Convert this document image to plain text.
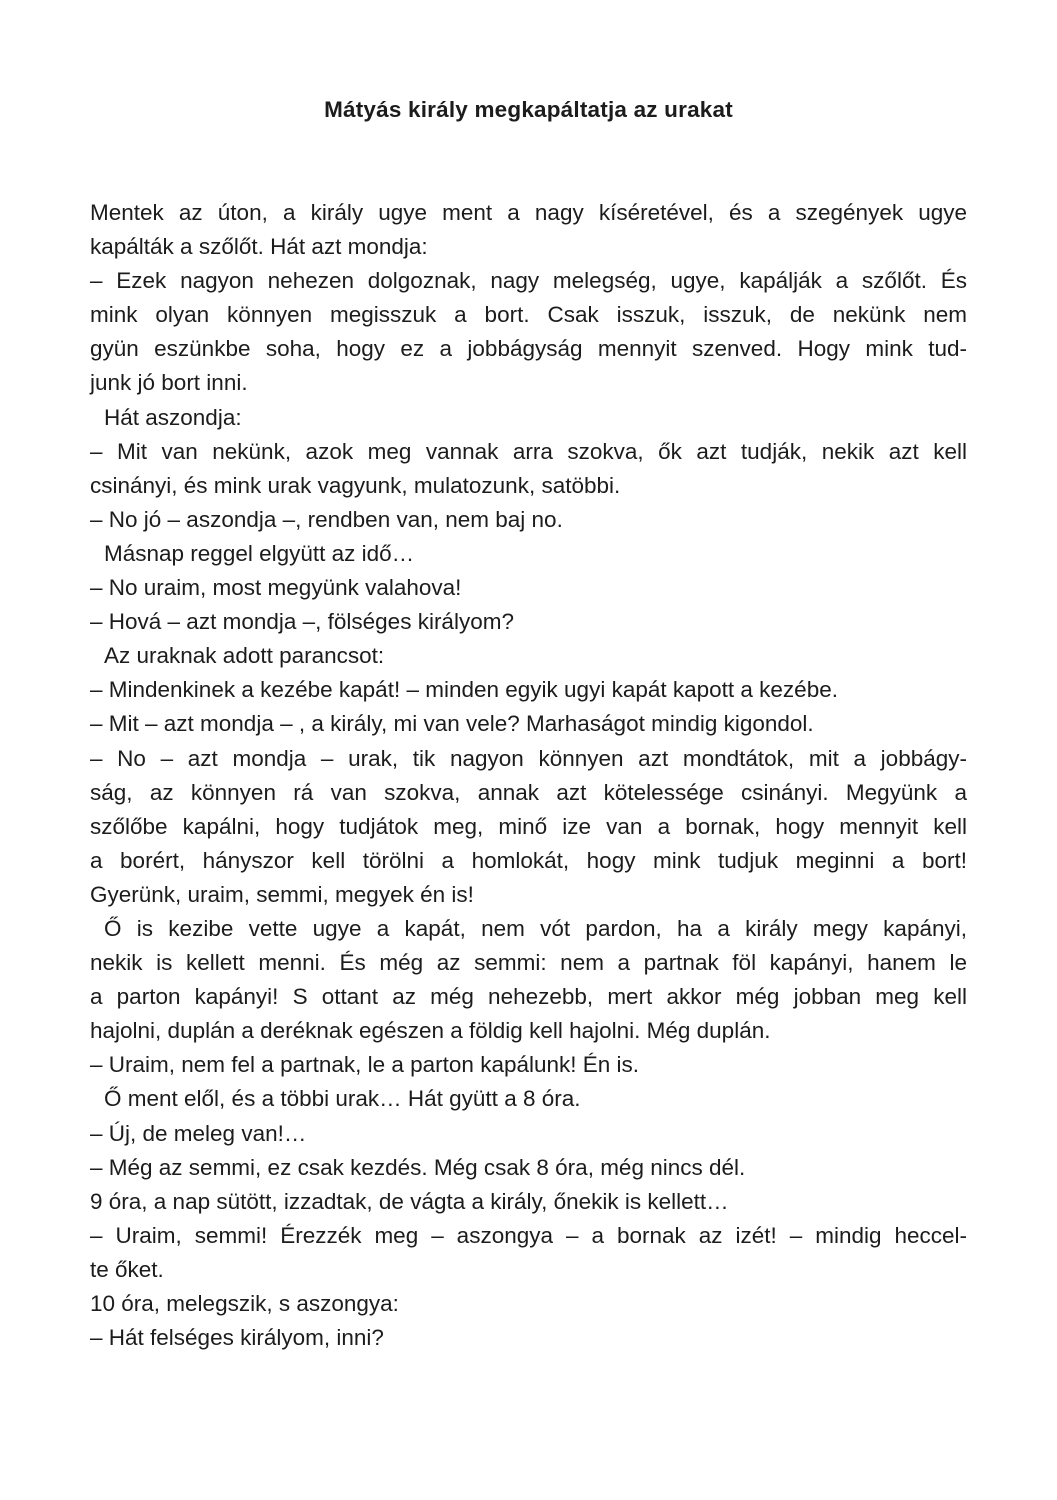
Mátyás király megkapáltatja az urakat
Mentek az úton, a király ugye ment a nagy kíséretével, és a szegények ugye
kapálták a szőlőt. Hát azt mondja:
– Ezek nagyon nehezen dolgoznak, nagy melegség, ugye, kapálják a szőlőt. És
mink olyan könnyen megisszuk a bort. Csak isszuk, isszuk, de nekünk nem
gyün eszünkbe soha, hogy ez a jobbágyság mennyit szenved. Hogy mink tud-
junk jó bort inni.
Hát aszondja:
– Mit van nekünk, azok meg vannak arra szokva, ők azt tudják, nekik azt kell
csinányi, és mink urak vagyunk, mulatozunk, satöbbi.
– No jó – aszondja –, rendben van, nem baj no.
Másnap reggel elgyütt az idő…
– No uraim, most megyünk valahova!
– Hová – azt mondja –, fölséges királyom?
Az uraknak adott parancsot:
– Mindenkinek a kezébe kapát! – minden egyik ugyi kapát kapott a kezébe.
– Mit – azt mondja – , a király, mi van vele? Marhaságot mindig kigondol.
– No – azt mondja – urak, tik nagyon könnyen azt mondtátok, mit a jobbágy-
ság, az könnyen rá van szokva, annak azt kötelessége csinányi. Megyünk a
szőlőbe kapálni, hogy tudjátok meg, minő ize van a bornak, hogy mennyit kell
a borért, hányszor kell törölni a homlokát, hogy mink tudjuk meginni a bort!
Gyerünk, uraim, semmi, megyek én is!
Ő is kezibe vette ugye a kapát, nem vót pardon, ha a király megy kapányi,
nekik is kellett menni. És még az semmi: nem a partnak föl kapányi, hanem le
a parton kapányi! S ottant az még nehezebb, mert akkor még jobban meg kell
hajolni, duplán a deréknak egészen a földig kell hajolni. Még duplán.
– Uraim, nem fel a partnak, le a parton kapálunk! Én is.
Ő ment elől, és a többi urak… Hát gyütt a 8 óra.
– Új, de meleg van!…
– Még az semmi, ez csak kezdés. Még csak 8 óra, még nincs dél.
9 óra, a nap sütött, izzadtak, de vágta a király, őnekik is kellett…
– Uraim, semmi! Érezzék meg – aszongya – a bornak az izét! – mindig heccel-
te őket.
10 óra, melegszik, s aszongya:
– Hát felséges királyom, inni?
